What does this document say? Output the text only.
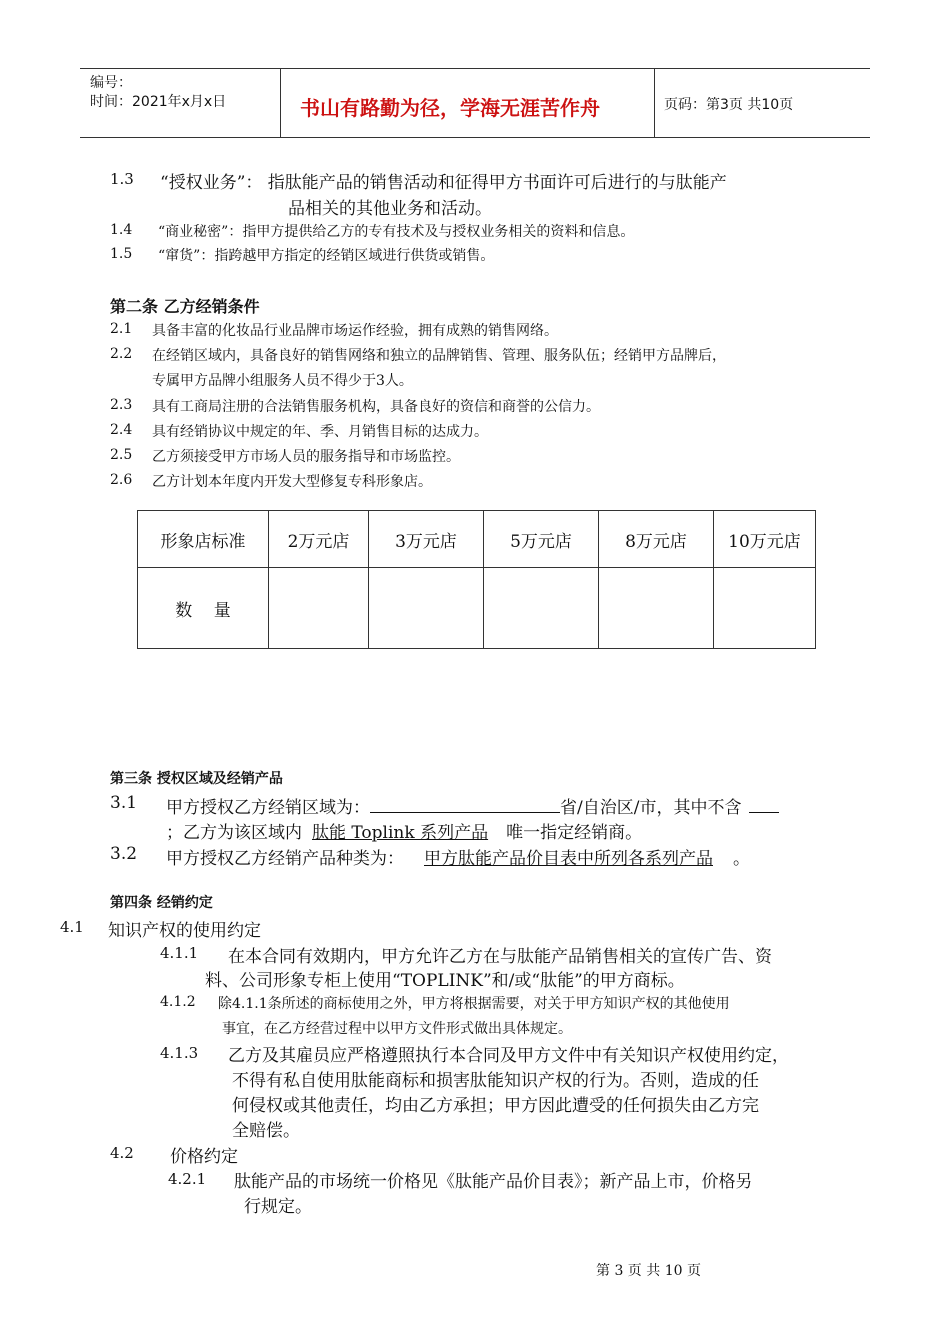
编号：
时间：2021年x月x日	书山有路勤为径，学海无涯苦作舟	页码：第3页 共10页
1.3 “授权业务”： 指肽能产品的销售活动和征得甲方书面许可后进行的与肽能产
品相关的其他业务和活动。
1.4 “商业秘密”：指甲方提供给乙方的专有技术及与授权业务相关的资料和信息。
1.5 “窜货”：指跨越甲方指定的经销区域进行供货或销售。
第二条 乙方经销条件
2.1 具备丰富的化妆品行业品牌市场运作经验，拥有成熟的销售网络。
2.2 在经销区域内，具备良好的销售网络和独立的品牌销售、管理、服务队伍；经销甲方品牌后，
专属甲方品牌小组服务人员不得少于3人。
2.3 具有工商局注册的合法销售服务机构，具备良好的资信和商誉的公信力。
2.4 具有经销协议中规定的年、季、月销售目标的达成力。
2.5 乙方须接受甲方市场人员的服务指导和市场监控。
2.6 乙方计划本年度内开发大型修复专科形象店。
形象店标准	2万元店	3万元店	5万元店	8万元店	10万元店
数    量					
第三条 授权区域及经销产品
3.1 甲方授权乙方经销区域为：	省/自治区/市，其中不含
；乙方为该区域内 肽能 Toplink 系列产品 唯一指定经销商。
3.2 甲方授权乙方经销产品种类为： 甲方肽能产品价目表中所列各系列产品 。
第四条 经销约定
4.1 知识产权的使用约定
4.1.1 在本合同有效期内，甲方允许乙方在与肽能产品销售相关的宣传广告、资
料、公司形象专柜上使用“TOPLINK”和/或“肽能”的甲方商标。
4.1.2 除4.1.1条所述的商标使用之外，甲方将根据需要，对关于甲方知识产权的其他使用
事宜，在乙方经营过程中以甲方文件形式做出具体规定。
4.1.3 乙方及其雇员应严格遵照执行本合同及甲方文件中有关知识产权使用约定，
不得有私自使用肽能商标和损害肽能知识产权的行为。否则，造成的任
何侵权或其他责任，均由乙方承担；甲方因此遭受的任何损失由乙方完
全赔偿。
4.2 价格约定
4.2.1 肽能产品的市场统一价格见《肽能产品价目表》；新产品上市，价格另
行规定。
第 3 页 共 10 页
